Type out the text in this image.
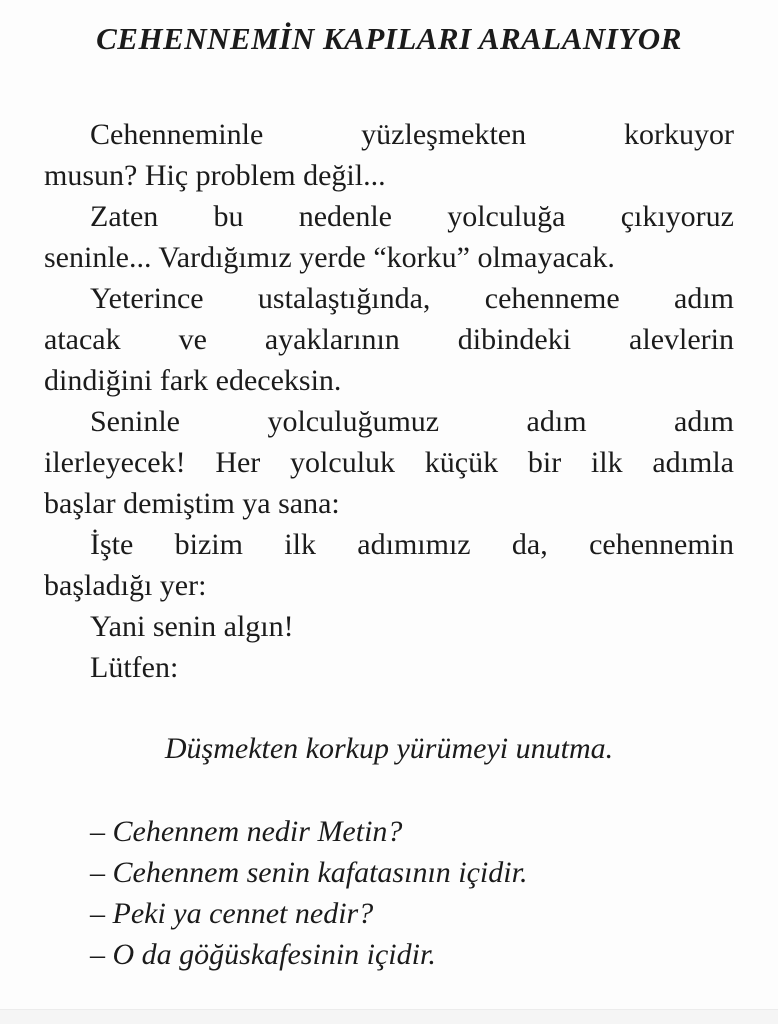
CEHENNEMİN KAPILARI ARALANIYOR
Cehenneminle yüzleşmekten korkuyor
musun? Hiç problem değil...
Zaten bu nedenle yolculuğa çıkıyoruz
seninle... Vardığımız yerde “korku” olmayacak.
Yeterince ustalaştığında, cehenneme adım
atacak ve ayaklarının dibindeki alevlerin
dindiğini fark edeceksin.
Seninle yolculuğumuz adım adım
ilerleyecek! Her yolculuk küçük bir ilk adımla
başlar demiştim ya sana:
İşte bizim ilk adımımız da, cehennemin
başladığı yer:
Yani senin algın!
Lütfen:

Düşmekten korkup yürümeyi unutma.

– Cehennem nedir Metin?
– Cehennem senin kafatasının içidir.
– Peki ya cennet nedir?
– O da göğüskafesinin içidir.
